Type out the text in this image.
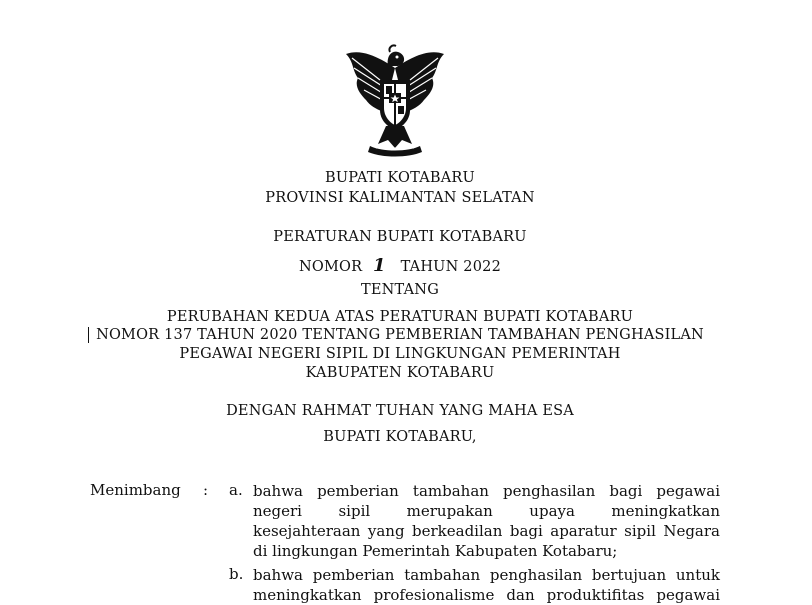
BUPATI KOTABARU
PROVINSI KALIMANTAN SELATAN
PERATURAN BUPATI KOTABARU
NOMOR 1 TAHUN 2022
TENTANG
PERUBAHAN KEDUA ATAS PERATURAN BUPATI KOTABARU
NOMOR 137 TAHUN 2020 TENTANG PEMBERIAN TAMBAHAN PENGHASILAN
PEGAWAI NEGERI SIPIL DI LINGKUNGAN PEMERINTAH
KABUPATEN KOTABARU
DENGAN RAHMAT TUHAN YANG MAHA ESA
BUPATI KOTABARU,
Menimbang : a. bahwa pemberian tambahan penghasilan bagi pegawai
negeri sipil merupakan upaya meningkatkan
kesejahteraan yang berkeadilan bagi aparatur sipil Negara
di lingkungan Pemerintah Kabupaten Kotabaru;
b. bahwa pemberian tambahan penghasilan bertujuan untuk
meningkatkan profesionalisme dan produktifitas pegawai
